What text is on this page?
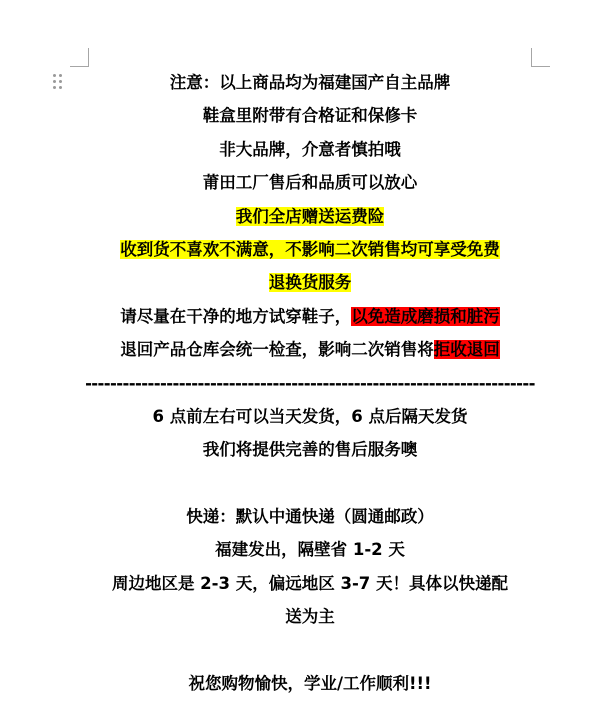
注意：以上商品均为福建国产自主品牌
鞋盒里附带有合格证和保修卡
非大品牌，介意者慎拍哦
莆田工厂售后和品质可以放心
我们全店赠送运费险
收到货不喜欢不满意，不影响二次销售均可享受免费
退换货服务
请尽量在干净的地方试穿鞋子，以免造成磨损和脏污
退回产品仓库会统一检查，影响二次销售将拒收退回
------------------------------------------------------------------------
6 点前左右可以当天发货，6 点后隔天发货
我们将提供完善的售后服务噢
快递：默认中通快递（圆通邮政）
福建发出，隔壁省 1-2 天
周边地区是 2-3 天，偏远地区 3-7 天！具体以快递配
送为主
祝您购物愉快，学业/工作顺利!!!
